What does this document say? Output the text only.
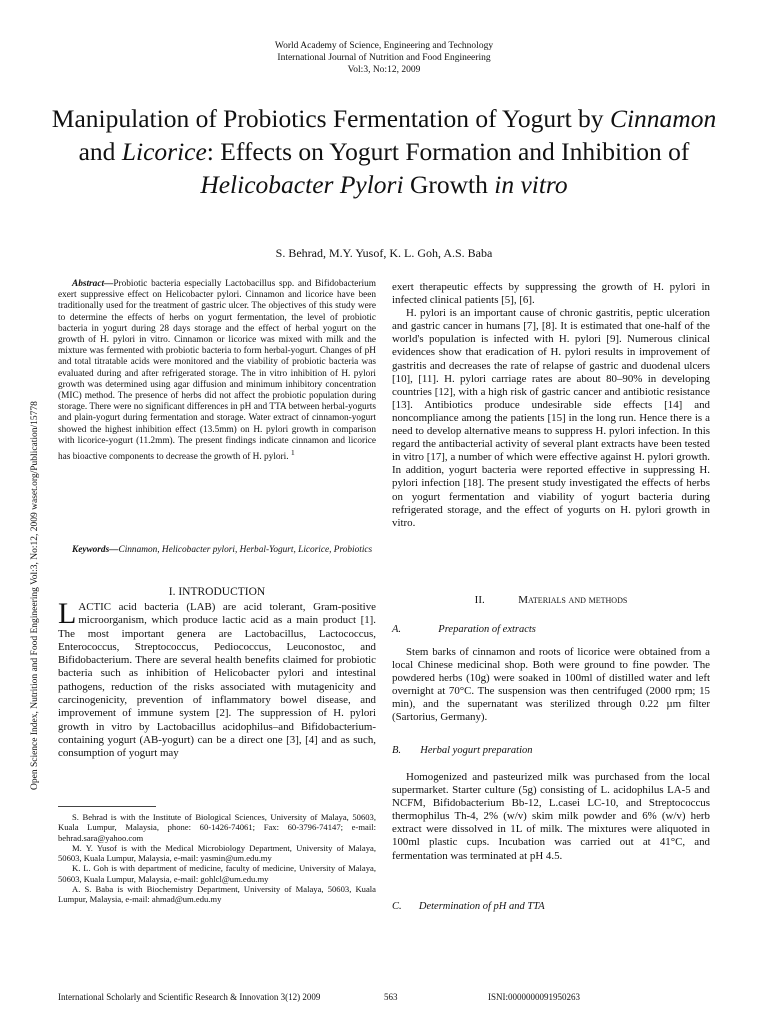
World Academy of Science, Engineering and Technology
International Journal of Nutrition and Food Engineering
Vol:3, No:12, 2009
Manipulation of Probiotics Fermentation of Yogurt by Cinnamon and Licorice: Effects on Yogurt Formation and Inhibition of Helicobacter Pylori Growth in vitro
S. Behrad, M.Y. Yusof, K. L. Goh, A.S. Baba
Open Science Index, Nutrition and Food Engineering Vol:3, No:12, 2009 waset.org/Publication/15778

Abstract—Probiotic bacteria especially Lactobacillus spp. and Bifidobacterium exert suppressive effect on Helicobacter pylori. Cinnamon and licorice have been traditionally used for the treatment of gastric ulcer. The objectives of this study were to determine the effects of herbs on yogurt fermentation, the level of probiotic bacteria in yogurt during 28 days storage and the effect of herbal yogurt on the growth of H. pylori in vitro. Cinnamon or licorice was mixed with milk and the mixture was fermented with probiotic bacteria to form herbal-yogurt. Changes of pH and total titratable acids were monitored and the viability of probiotic bacteria was evaluated during and after refrigerated storage. The in vitro inhibition of H. pylori growth was determined using agar diffusion and minimum inhibitory concentration (MIC) method. The presence of herbs did not affect the probiotic population during storage. There were no significant differences in pH and TTA between herbal-yogurts and plain-yogurt during fermentation and storage. Water extract of cinnamon-yogurt showed the highest inhibition effect (13.5mm) on H. pylori growth in comparison with licorice-yogurt (11.2mm). The present findings indicate cinnamon and licorice has bioactive components to decrease the growth of H. pylori. $^1$

Keywords—Cinnamon, Helicobacter pylori, Herbal-Yogurt, Licorice, Probiotics

I. INTRODUCTION
LACTIC acid bacteria (LAB) are acid tolerant, Gram-positive microorganism, which produce lactic acid as a main product [1]. The most important genera are Lactobacillus, Lactococcus, Enterococcus, Streptococcus, Pediococcus, Leuconostoc, and Bifidobacterium. There are several health benefits claimed for probiotic bacteria such as inhibition of Helicobacter pylori and intestinal pathogens, reduction of the risks associated with mutagenicity and carcinogenicity, prevention of inflammatory bowel disease, and improvement of immune system [2]. The suppression of H. pylori growth in vitro by Lactobacillus acidophilus–and Bifidobacterium-containing yogurt (AB-yogurt) can be a direct one [3], [4] and as such, consumption of yogurt may

S. Behrad is with the Institute of Biological Sciences, University of Malaya, 50603, Kuala Lumpur, Malaysia, phone: 60-1426-74061; Fax: 60-3796-74147; e-mail: behrad.sara@yahoo.com

M. Y. Yusof is with the Medical Microbiology Department, University of Malaya, 50603, Kuala Lumpur, Malaysia, e-mail: yasmin@um.edu.my

K. L. Goh is with department of medicine, faculty of medicine, University of Malaya, 50603, Kuala Lumpur, Malaysia, e-mail: gohlcl@um.edu.my

A. S. Baba is with Biochemistry Department, University of Malaya, 50603, Kuala Lumpur, Malaysia, e-mail: ahmad@um.edu.my

exert therapeutic effects by suppressing the growth of H. pylori in infected clinical patients [5], [6].

H. pylori is an important cause of chronic gastritis, peptic ulceration and gastric cancer in humans [7], [8]. It is estimated that one-half of the world's population is infected with H. pylori [9]. Numerous clinical evidences show that eradication of H. pylori results in improvement of gastritis and decreases the rate of relapse of gastric and duodenal ulcers [10], [11]. H. pylori carriage rates are about 80–90% in developing countries [12], with a high risk of gastric cancer and antibiotic resistance [13]. Antibiotics produce undesirable side effects [14] and noncompliance among the patients [15] in the long run. Hence there is a need to develop alternative means to suppress H. pylori infection. In this regard the antibacterial activity of several plant extracts have been tested in vitro [17], a number of which were effective against H. pylori growth. In addition, yogurt bacteria were reported effective in suppressing H. pylori infection [18]. The present study investigated the effects of herbs on yogurt fermentation and viability of yogurt bacteria during refrigerated storage, and the effect of yogurts on H. pylori growth in vitro.

II.	Materials and methods
A.	Preparation of extracts

Stem barks of cinnamon and roots of licorice were obtained from a local Chinese medicinal shop. Both were ground to fine powder. The powdered herbs (10g) were soaked in 100ml of distilled water and left overnight at 70°C. The suspension was then centrifuged (2000 rpm; 15 min), and the supernatant was sterilized through 0.22 µm filter (Sartorius, Germany).

B. Herbal yogurt preparation

Homogenized and pasteurized milk was purchased from the local supermarket. Starter culture (5g) consisting of L. acidophilus LA-5 and NCFM, Bifidobacterium Bb-12, L.casei LC-10, and Streptococcus thermophilus Th-4, 2% (w/v) skim milk powder and 6% (w/v) herb extract were dissolved in 1L of milk. The mixtures were aliquoted in 100ml plastic cups. Incubation was carried out at 41°C, and fermentation was terminated at pH 4.5.

C. Determination of pH and TTA
International Scholarly and Scientific Research & Innovation 3(12) 2009	563	ISNI:0000000091950263
